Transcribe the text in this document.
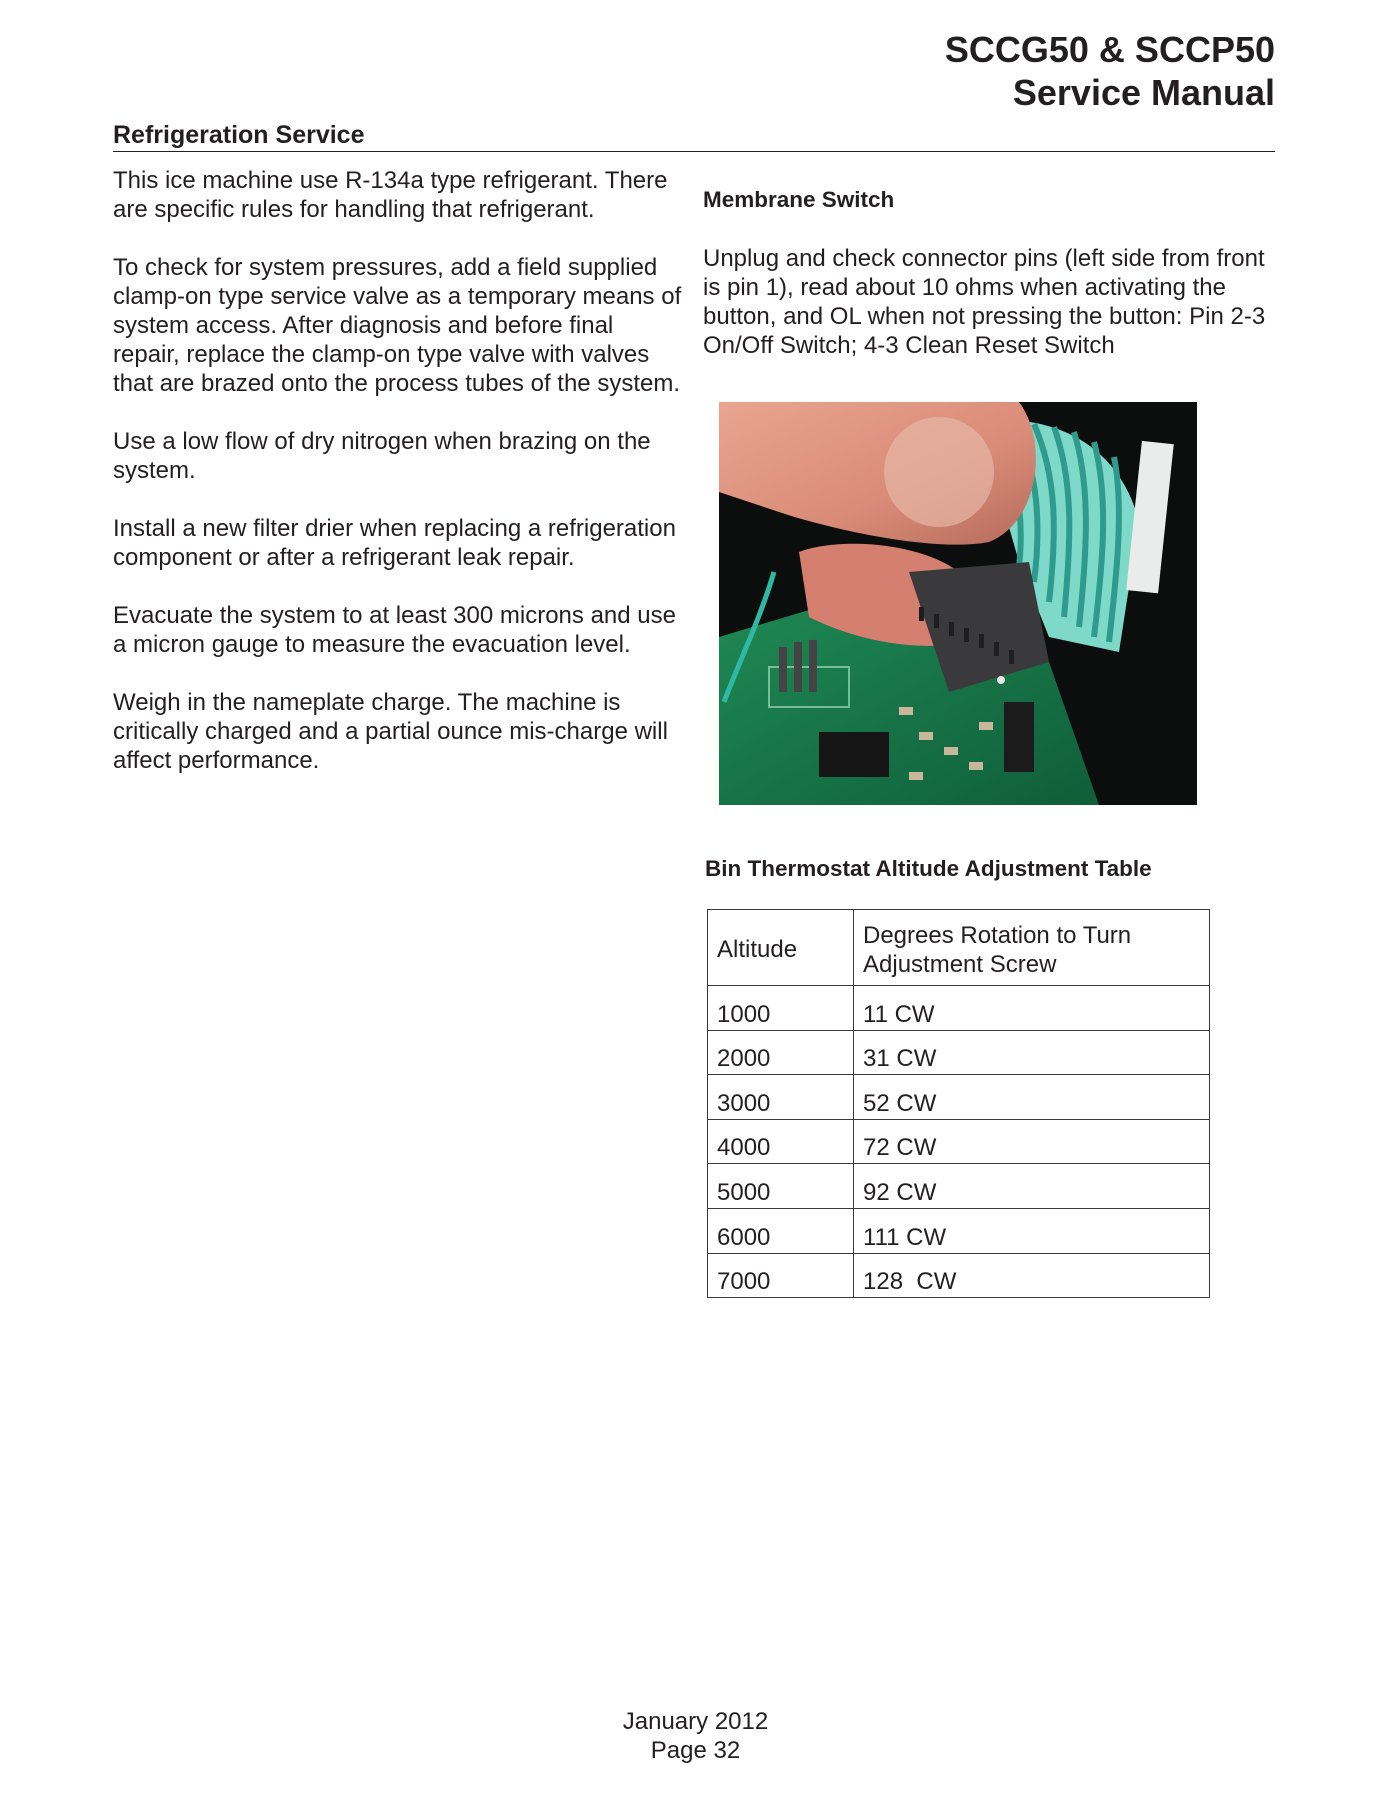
SCCG50 & SCCP50
Service Manual
Refrigeration Service

This ice machine use R-134a type refrigerant. There are specific rules for handling that refrigerant.

To check for system pressures, add a field supplied clamp-on type service valve as a temporary means of system access. After diagnosis and before final repair, replace the clamp-on type valve with valves that are brazed onto the process tubes of the system.

Use a low flow of dry nitrogen when brazing on the system.

Install a new filter drier when replacing a refrigeration component or after a refrigerant leak repair.

Evacuate the system to at least 300 microns and use a micron gauge to measure the evacuation level.

Weigh in the nameplate charge. The machine is critically charged and a partial ounce mis-charge will affect performance.

Membrane Switch

Unplug and check connector pins (left side from front is pin 1), read about 10 ohms when activating the button, and OL when not pressing the button: Pin 2-3 On/Off Switch; 4-3 Clean Reset Switch

Bin Thermostat Altitude Adjustment Table
Altitude	Degrees Rotation to Turn Adjustment Screw
1000	11 CW
2000	31 CW
3000	52 CW
4000	72 CW
5000	92 CW
6000	111 CW
7000	128  CW
January 2012
Page 32
